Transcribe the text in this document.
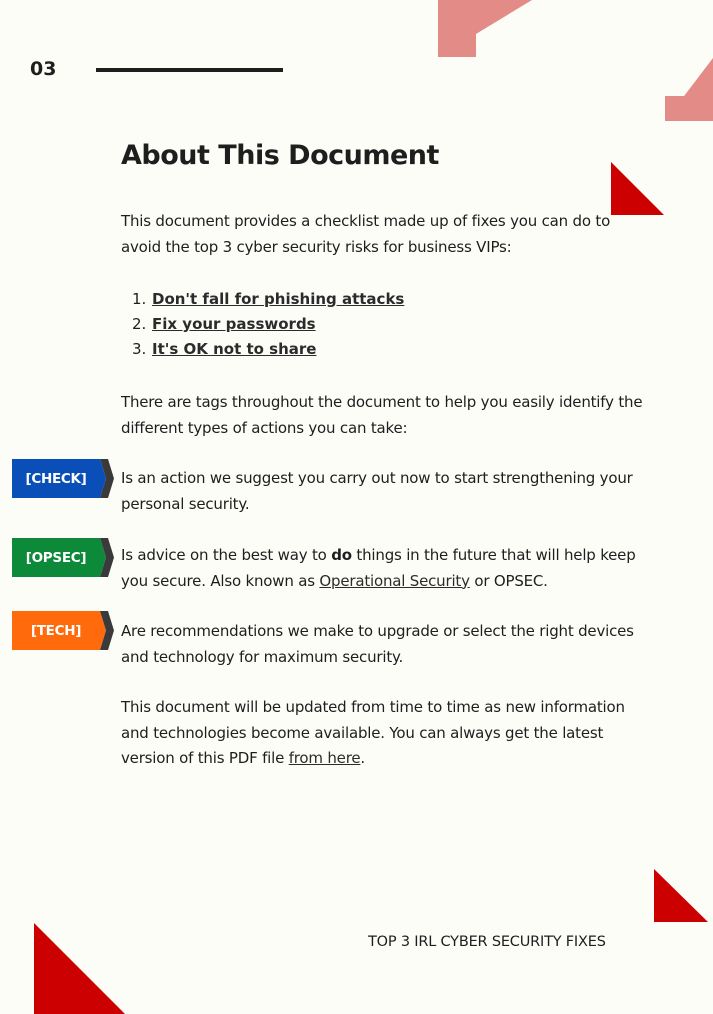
03
About This Document

This document provides a checklist made up of fixes you can do to avoid the top 3 cyber security risks for business VIPs:

1. Don't fall for phishing attacks
2. Fix your passwords
3. It's OK not to share

There are tags throughout the document to help you easily identify the different types of actions you can take:

[CHECK]	Is an action we suggest you carry out now to start strengthening your personal security.

[OPSEC]	Is advice on the best way to do things in the future that will help keep you secure. Also known as Operational Security or OPSEC.

[TECH]	Are recommendations we make to upgrade or select the right devices and technology for maximum security.

This document will be updated from time to time as new information and technologies become available. You can always get the latest version of this PDF file from here.

TOP 3 IRL CYBER SECURITY FIXES
